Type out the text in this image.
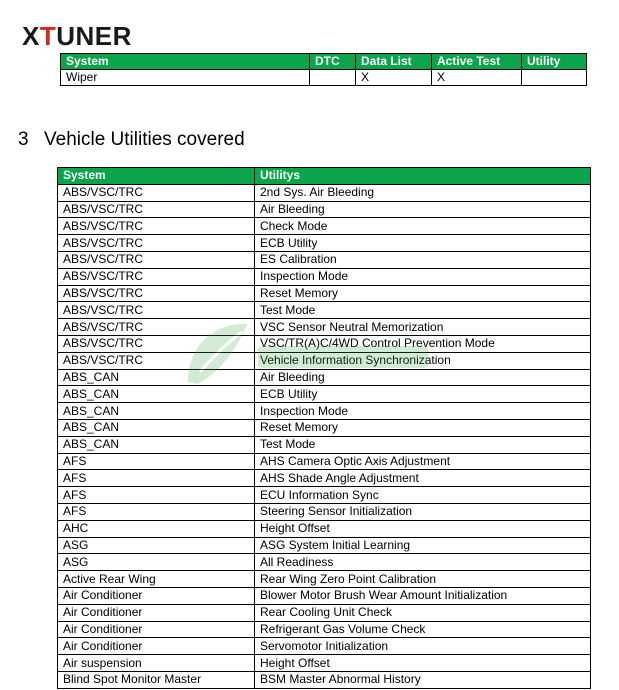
XTUNER
System	DTC	Data List	Active Test	Utility
Wiper		X	X	
3 Vehicle Utilities covered
System	Utilitys
ABS/VSC/TRC	2nd Sys. Air Bleeding
ABS/VSC/TRC	Air Bleeding
ABS/VSC/TRC	Check Mode
ABS/VSC/TRC	ECB Utility
ABS/VSC/TRC	ES Calibration
ABS/VSC/TRC	Inspection Mode
ABS/VSC/TRC	Reset Memory
ABS/VSC/TRC	Test Mode
ABS/VSC/TRC	VSC Sensor Neutral Memorization
ABS/VSC/TRC	VSC/TR(A)C/4WD Control Prevention Mode
ABS/VSC/TRC	Vehicle Information Synchronization
ABS_CAN	Air Bleeding
ABS_CAN	ECB Utility
ABS_CAN	Inspection Mode
ABS_CAN	Reset Memory
ABS_CAN	Test Mode
AFS	AHS Camera Optic Axis Adjustment
AFS	AHS Shade Angle Adjustment
AFS	ECU Information Sync
AFS	Steering Sensor Initialization
AHC	Height Offset
ASG	ASG System Initial Learning
ASG	All Readiness
Active Rear Wing	Rear Wing Zero Point Calibration
Air Conditioner	Blower Motor Brush Wear Amount Initialization
Air Conditioner	Rear Cooling Unit Check
Air Conditioner	Refrigerant Gas Volume Check
Air Conditioner	Servomotor Initialization
Air suspension	Height Offset
Blind Spot Monitor Master	BSM Master Abnormal History
